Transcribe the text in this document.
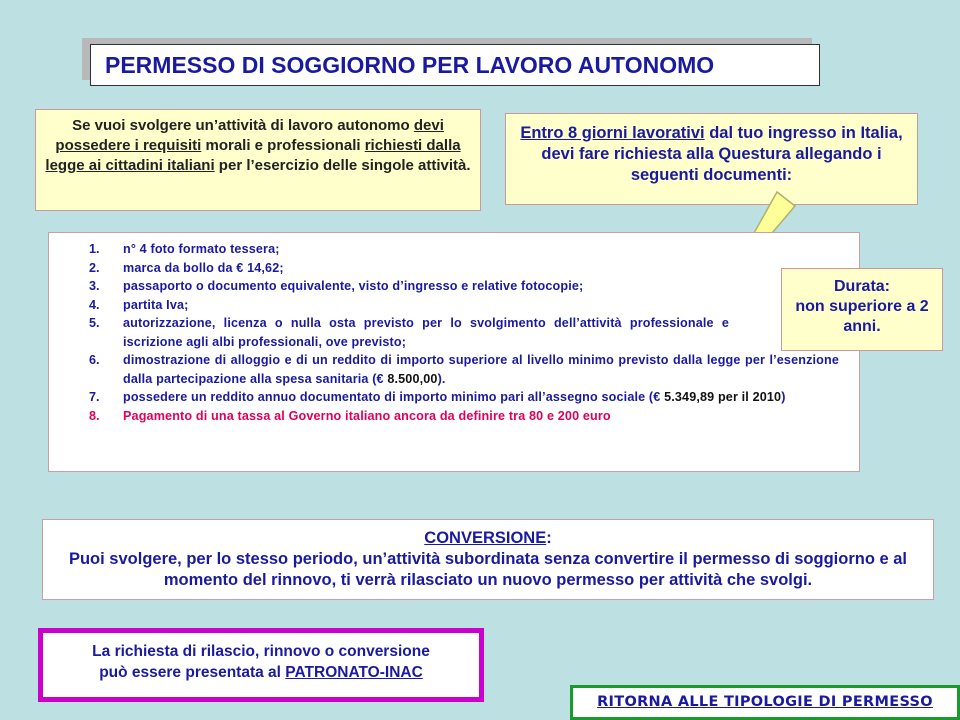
PERMESSO DI SOGGIORNO PER LAVORO AUTONOMO
Se vuoi svolgere un’attività di lavoro autonomo devi possedere i requisiti morali e professionali richiesti dalla legge ai cittadini italiani per l’esercizio delle singole attività.
Entro 8 giorni lavorativi dal tuo ingresso in Italia, devi fare richiesta alla Questura allegando i seguenti documenti:
1.	n° 4 foto formato tessera;
2.	marca da bollo da € 14,62;
3.	passaporto o documento equivalente, visto d’ingresso e relative fotocopie;
4.	partita Iva;
5.	autorizzazione, licenza o nulla osta previsto per lo svolgimento dell’attività professionale e iscrizione agli albi professionali, ove previsto;
6.	dimostrazione di alloggio e di un reddito di importo superiore al livello minimo previsto dalla legge per l’esenzione dalla partecipazione alla spesa sanitaria (€ 8.500,00).
7.	possedere un reddito annuo documentato di importo minimo pari all’assegno sociale (€ 5.349,89 per il 2010)
8.	Pagamento di una tassa al Governo italiano ancora da definire tra 80 e 200 euro
Durata:
non superiore a 2 anni.
CONVERSIONE:
Puoi svolgere, per lo stesso periodo, un’attività subordinata senza convertire il permesso di soggiorno e al momento del rinnovo, ti verrà rilasciato un nuovo permesso per attività che svolgi.
La richiesta di rilascio, rinnovo o conversione
può essere presentata al PATRONATO-INAC
RITORNA ALLE TIPOLOGIE DI PERMESSO
